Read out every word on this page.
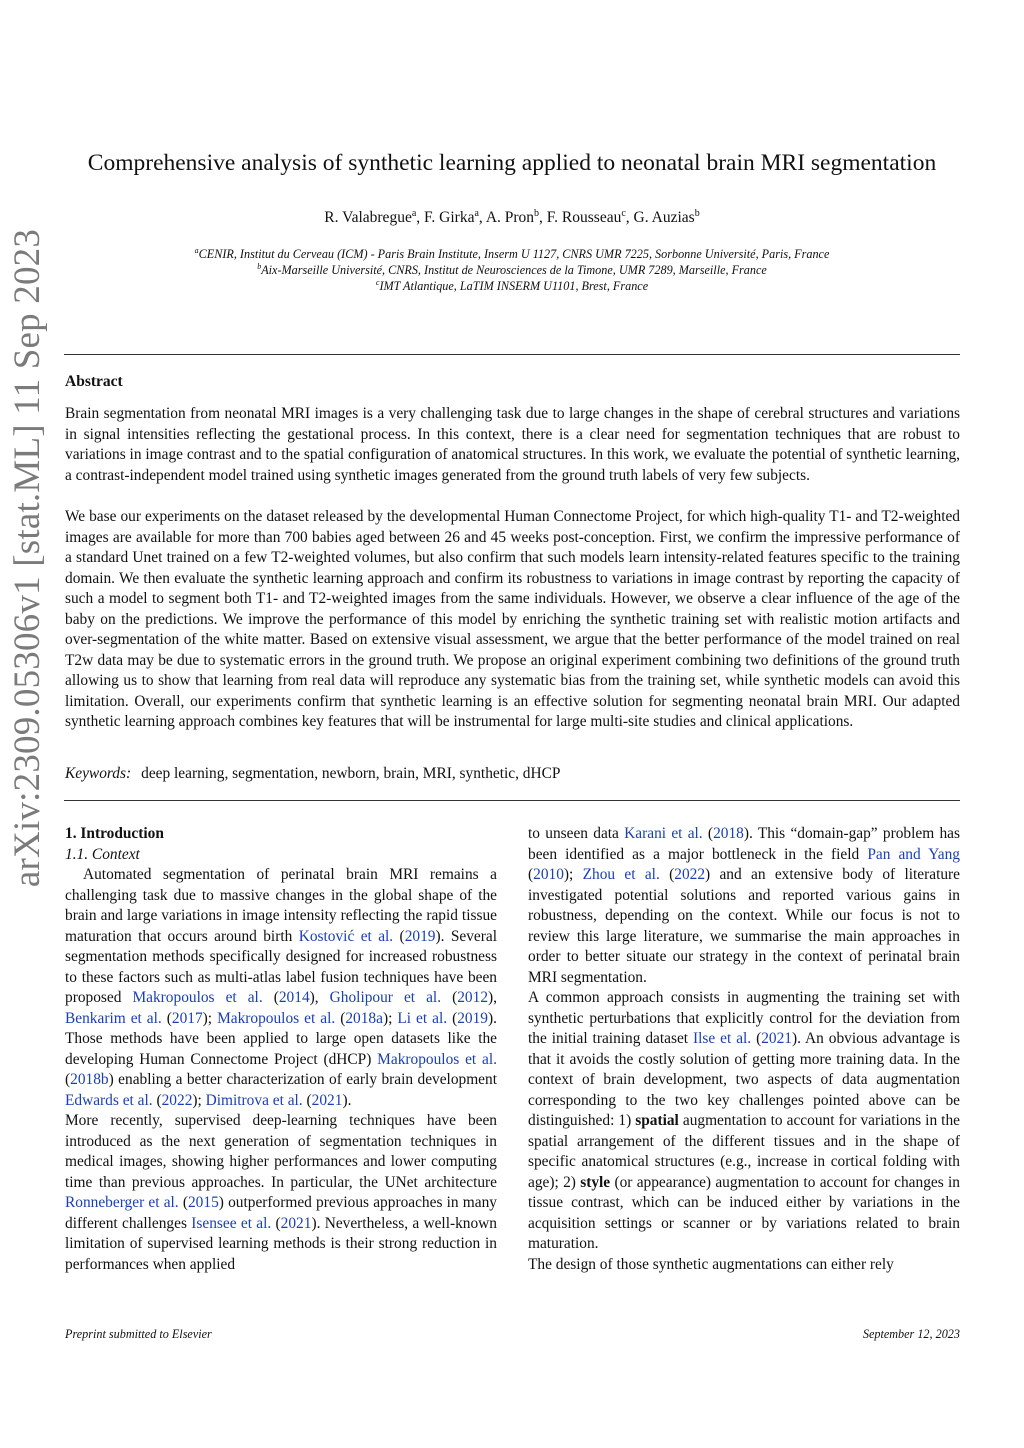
arXiv:2309.05306v1 [stat.ML] 11 Sep 2023
Comprehensive analysis of synthetic learning applied to neonatal brain MRI segmentation
R. Valabregue$^a$, F. Girka$^a$, A. Pron$^b$, F. Rousseau$^c$, G. Auzias$^b$
$^a$CENIR, Institut du Cerveau (ICM) - Paris Brain Institute, Inserm U 1127, CNRS UMR 7225, Sorbonne Université, Paris, France
$^b$Aix-Marseille Université, CNRS, Institut de Neurosciences de la Timone, UMR 7289, Marseille, France
$^c$IMT Atlantique, LaTIM INSERM U1101, Brest, France
Abstract
Brain segmentation from neonatal MRI images is a very challenging task due to large changes in the shape of cerebral structures and variations in signal intensities reflecting the gestational process. In this context, there is a clear need for segmentation techniques that are robust to variations in image contrast and to the spatial configuration of anatomical structures. In this work, we evaluate the potential of synthetic learning, a contrast-independent model trained using synthetic images generated from the ground truth labels of very few subjects.
We base our experiments on the dataset released by the developmental Human Connectome Project, for which high-quality T1- and T2-weighted images are available for more than 700 babies aged between 26 and 45 weeks post-conception. First, we confirm the impressive performance of a standard Unet trained on a few T2-weighted volumes, but also confirm that such models learn intensity-related features specific to the training domain. We then evaluate the synthetic learning approach and confirm its robustness to variations in image contrast by reporting the capacity of such a model to segment both T1- and T2-weighted images from the same individuals. However, we observe a clear influence of the age of the baby on the predictions. We improve the performance of this model by enriching the synthetic training set with realistic motion artifacts and over-segmentation of the white matter. Based on extensive visual assessment, we argue that the better performance of the model trained on real T2w data may be due to systematic errors in the ground truth. We propose an original experiment combining two definitions of the ground truth allowing us to show that learning from real data will reproduce any systematic bias from the training set, while synthetic models can avoid this limitation. Overall, our experiments confirm that synthetic learning is an effective solution for segmenting neonatal brain MRI. Our adapted synthetic learning approach combines key features that will be instrumental for large multi-site studies and clinical applications.
Keywords: deep learning, segmentation, newborn, brain, MRI, synthetic, dHCP

1. Introduction

1.1. Context

Automated segmentation of perinatal brain MRI remains a challenging task due to massive changes in the global shape of the brain and large variations in image intensity reflecting the rapid tissue maturation that occurs around birth Kostović et al. (2019). Several segmentation methods specifically designed for increased robustness to these factors such as multi-atlas label fusion techniques have been proposed Makropoulos et al. (2014), Gholipour et al. (2012), Benkarim et al. (2017); Makropoulos et al. (2018a); Li et al. (2019). Those methods have been applied to large open datasets like the developing Human Connectome Project (dHCP) Makropoulos et al. (2018b) enabling a better characterization of early brain development Edwards et al. (2022); Dimitrova et al. (2021).

More recently, supervised deep-learning techniques have been introduced as the next generation of segmentation techniques in medical images, showing higher performances and lower computing time than previous approaches. In particular, the UNet architecture Ronneberger et al. (2015) outperformed previous approaches in many different challenges Isensee et al. (2021). Nevertheless, a well-known limitation of supervised learning methods is their strong reduction in performances when applied

to unseen data Karani et al. (2018). This “domain-gap” problem has been identified as a major bottleneck in the field Pan and Yang (2010); Zhou et al. (2022) and an extensive body of literature investigated potential solutions and reported various gains in robustness, depending on the context. While our focus is not to review this large literature, we summarise the main approaches in order to better situate our strategy in the context of perinatal brain MRI segmentation.

A common approach consists in augmenting the training set with synthetic perturbations that explicitly control for the deviation from the initial training dataset Ilse et al. (2021). An obvious advantage is that it avoids the costly solution of getting more training data. In the context of brain development, two aspects of data augmentation corresponding to the two key challenges pointed above can be distinguished: 1) spatial augmentation to account for variations in the spatial arrangement of the different tissues and in the shape of specific anatomical structures (e.g., increase in cortical folding with age); 2) style (or appearance) augmentation to account for changes in tissue contrast, which can be induced either by variations in the acquisition settings or scanner or by variations related to brain maturation.

The design of those synthetic augmentations can either rely

Preprint submitted to Elsevier	September 12, 2023
